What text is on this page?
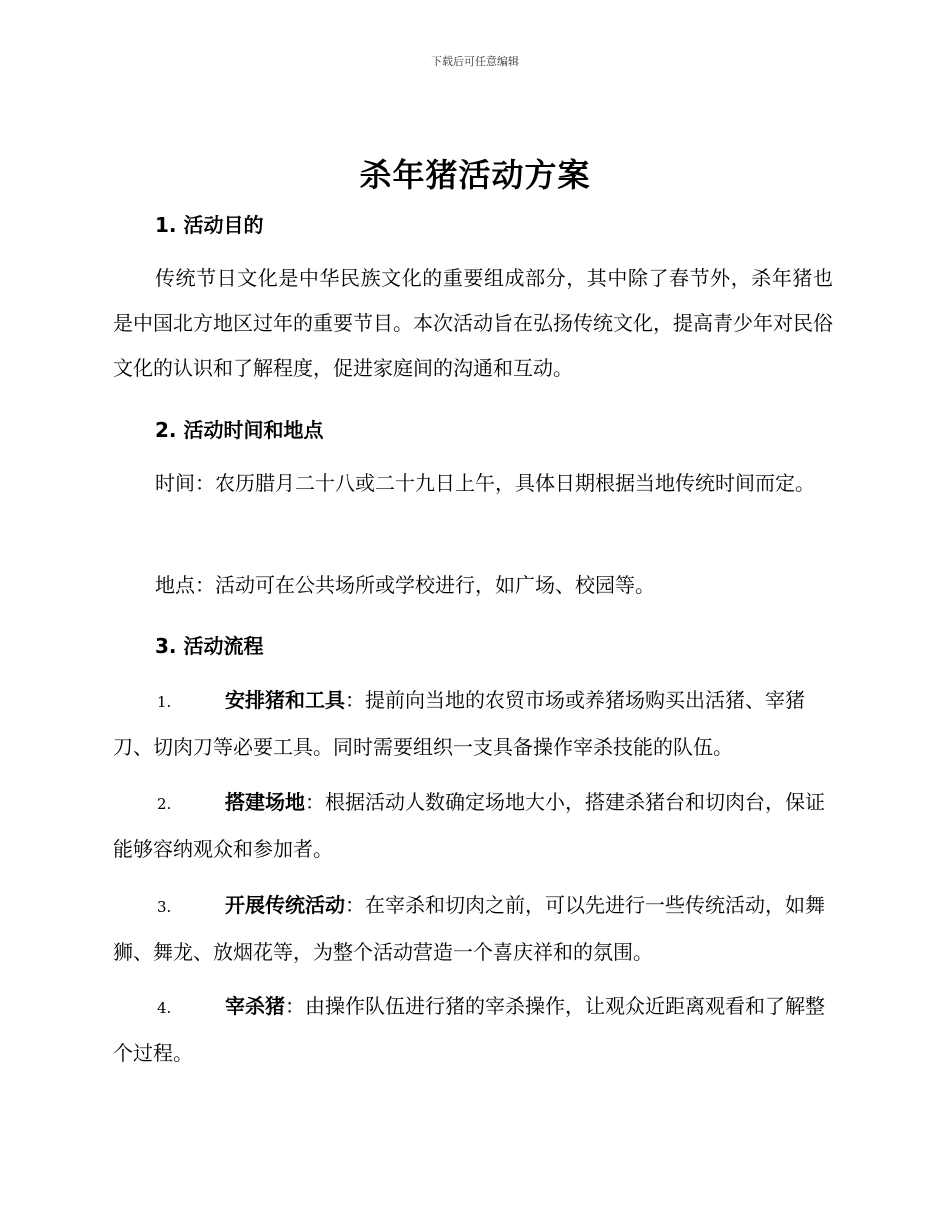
下载后可任意编辑
杀年猪活动方案
1. 活动目的
传统节日文化是中华民族文化的重要组成部分，其中除了春节外，杀年猪也是中国北方地区过年的重要节目。本次活动旨在弘扬传统文化，提高青少年对民俗文化的认识和了解程度，促进家庭间的沟通和互动。
2. 活动时间和地点
时间：农历腊月二十八或二十九日上午，具体日期根据当地传统时间而定。
地点：活动可在公共场所或学校进行，如广场、校园等。
3. 活动流程
1.	安排猪和工具：提前向当地的农贸市场或养猪场购买出活猪、宰猪刀、切肉刀等必要工具。同时需要组织一支具备操作宰杀技能的队伍。
2.	搭建场地：根据活动人数确定场地大小，搭建杀猪台和切肉台，保证能够容纳观众和参加者。
3.	开展传统活动：在宰杀和切肉之前，可以先进行一些传统活动，如舞狮、舞龙、放烟花等，为整个活动营造一个喜庆祥和的氛围。
4.	宰杀猪：由操作队伍进行猪的宰杀操作，让观众近距离观看和了解整个过程。
